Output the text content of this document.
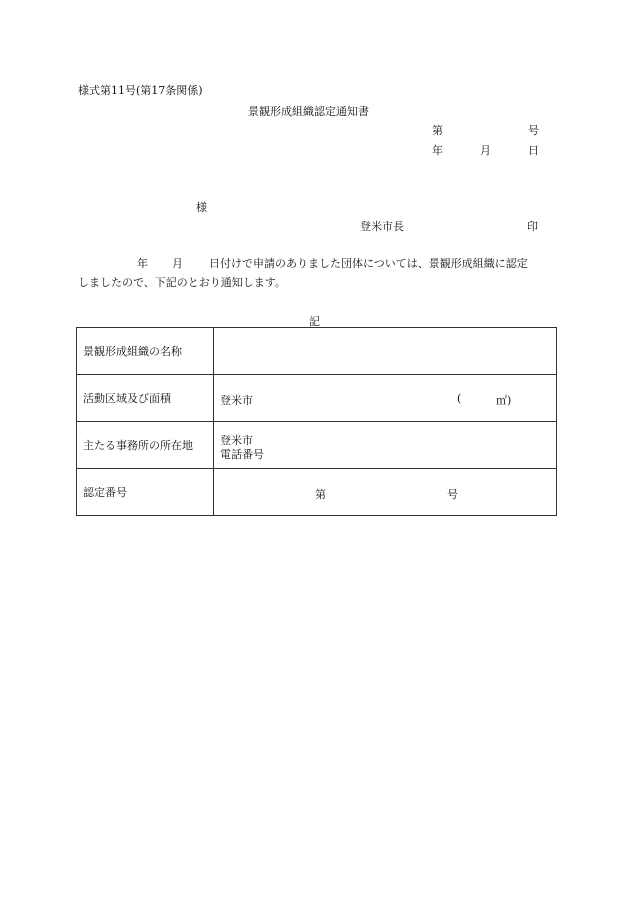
様式第11号(第17条関係)
景観形成組織認定通知書
第	号
年	月	日
様
登米市長	印
年 月 日付けで申請のありました団体については、景観形成組織に認定
しましたので、下記のとおり通知します。
記
景観形成組織の名称	
活動区域及び面積	登米市 ( ㎡)

主たる事務所の所在地	登米市
電話番号

認定番号	第 号
